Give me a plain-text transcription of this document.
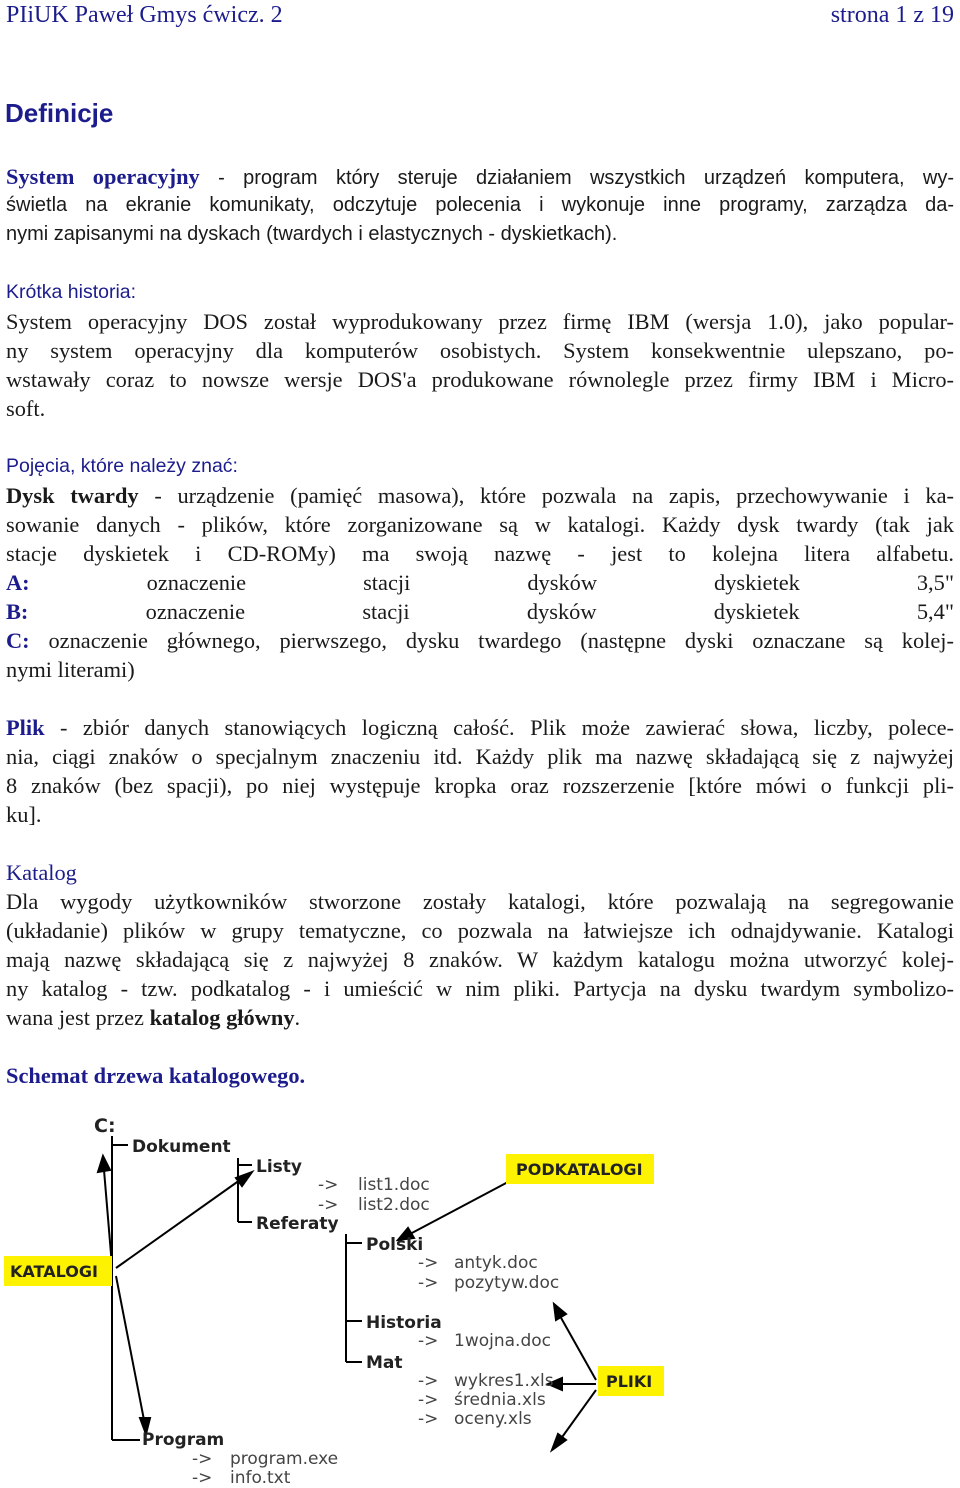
PIiUK Paweł Gmys ćwicz. 2	strona 1 z 19
Definicje
System operacyjny - program który steruje działaniem wszystkich urządzeń komputera, wy-
świetla na ekranie komunikaty, odczytuje polecenia i wykonuje inne programy, zarządza da-
nymi zapisanymi na dyskach (twardych i elastycznych - dyskietkach).
Krótka historia:
System operacyjny DOS został wyprodukowany przez firmę IBM (wersja 1.0), jako popular-
ny system operacyjny dla komputerów osobistych. System konsekwentnie ulepszano, po-
wstawały coraz to nowsze wersje DOS'a produkowane równolegle przez firmy IBM i Micro-
soft.
Pojęcia, które należy znać:
Dysk twardy - urządzenie (pamięć masowa), które pozwala na zapis, przechowywanie i ka-
sowanie danych - plików, które zorganizowane są w katalogi. Każdy dysk twardy (tak jak
stacje dyskietek i CD-ROMy) ma swoją nazwę - jest to kolejna litera alfabetu.
A:	oznaczenie	stacji	dysków	dyskietek	3,5"
B:	oznaczenie	stacji	dysków	dyskietek	5,4"
C: oznaczenie głównego, pierwszego, dysku twardego (następne dyski oznaczane są kolej-
nymi literami)
Plik - zbiór danych stanowiących logiczną całość. Plik może zawierać słowa, liczby, polece-
nia, ciągi znaków o specjalnym znaczeniu itd. Każdy plik ma nazwę składającą się z najwyżej
8 znaków (bez spacji), po niej występuje kropka oraz rozszerzenie [które mówi o funkcji pli-
ku].
Katalog
Dla wygody użytkowników stworzone zostały katalogi, które pozwalają na segregowanie
(układanie) plików w grupy tematyczne, co pozwala na łatwiejsze ich odnajdywanie. Katalogi
mają nazwę składającą się z najwyżej 8 znaków. W każdym katalogu można utworzyć kolej-
ny katalog - tzw. podkatalog - i umieścić w nim pliki. Partycja na dysku twardym symbolizo-
wana jest przez katalog główny.
Schemat drzewa katalogowego.
C:
Dokument
Listy
Referaty
Polski
Historia
Mat
Program
PODKATALOGI
KATALOGI
PLIKI
-> list1.doc
-> list2.doc
-> antyk.doc
-> pozytyw.doc
-> 1wojna.doc
-> wykres1.xls
-> średnia.xls
-> oceny.xls
-> program.exe
-> info.txt
